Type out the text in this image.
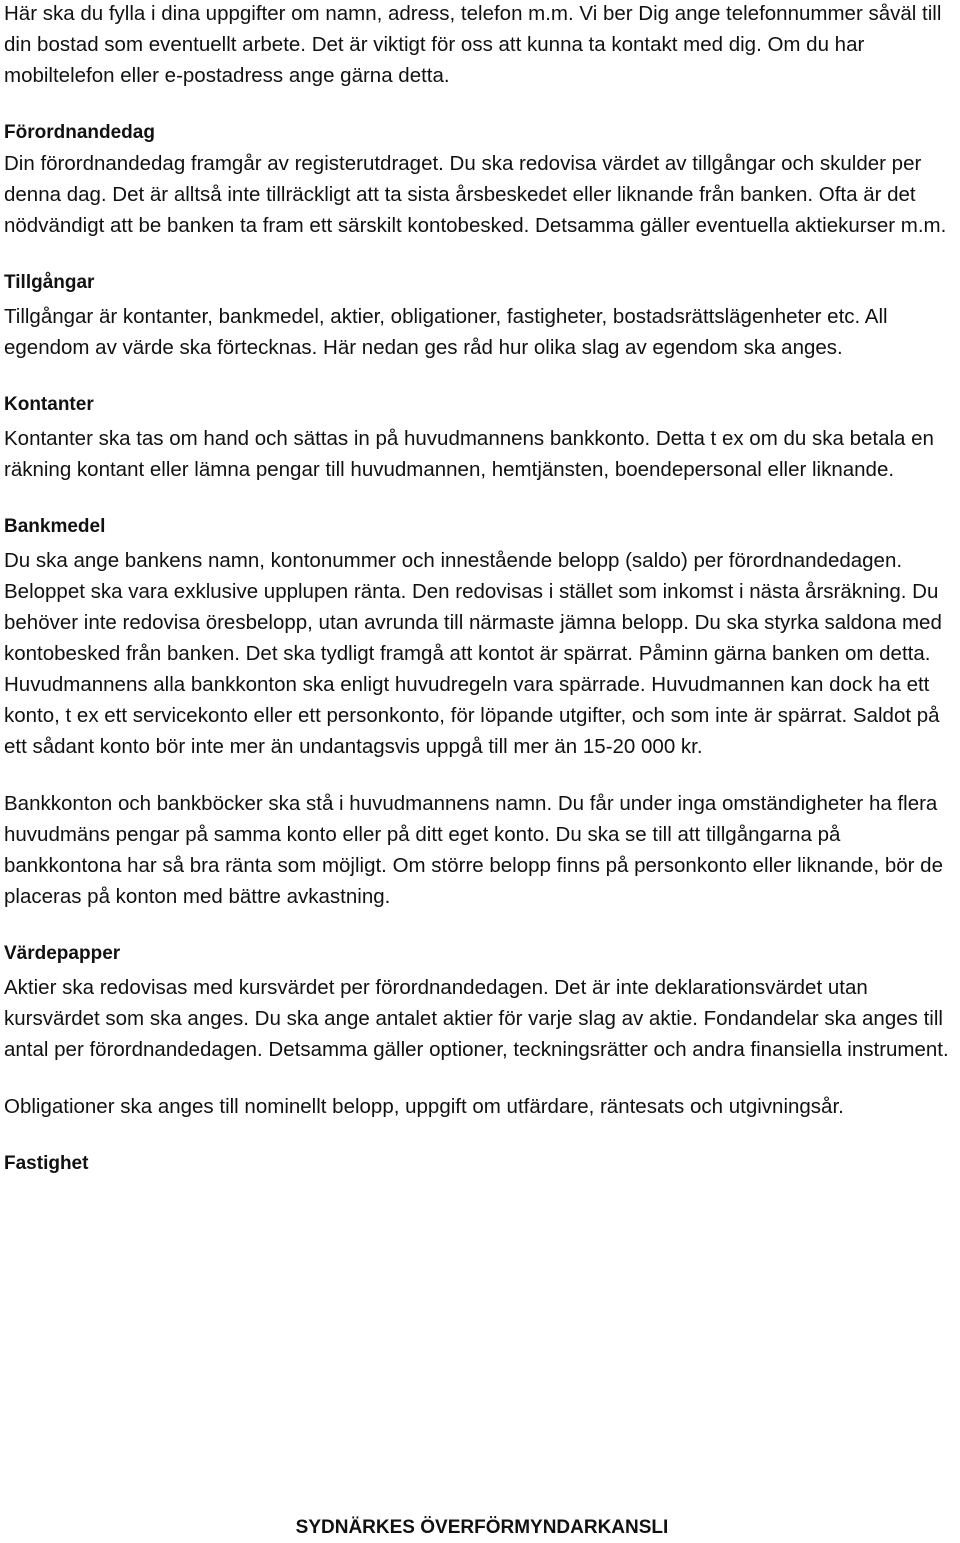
Här ska du fylla i dina uppgifter om namn, adress, telefon m.m. Vi ber Dig ange telefonnummer såväl till din bostad som eventuellt arbete. Det är viktigt för oss att kunna ta kontakt med dig. Om du har mobiltelefon eller e-postadress ange gärna detta.

Förordnandedag

Din förordnandedag framgår av registerutdraget. Du ska redovisa värdet av tillgångar och skulder per denna dag. Det är alltså inte tillräckligt att ta sista årsbeskedet eller liknande från banken. Ofta är det nödvändigt att be banken ta fram ett särskilt kontobesked. Detsamma gäller eventuella aktiekurser m.m.

Tillgångar

Tillgångar är kontanter, bankmedel, aktier, obligationer, fastigheter, bostadsrättslägenheter etc. All egendom av värde ska förtecknas. Här nedan ges råd hur olika slag av egendom ska anges.

Kontanter

Kontanter ska tas om hand och sättas in på huvudmannens bankkonto. Detta t ex om du ska betala en räkning kontant eller lämna pengar till huvudmannen, hemtjänsten, boendepersonal eller liknande.

Bankmedel

Du ska ange bankens namn, kontonummer och innestående belopp (saldo) per förordnandedagen. Beloppet ska vara exklusive upplupen ränta. Den redovisas i stället som inkomst i nästa årsräkning. Du behöver inte redovisa öresbelopp, utan avrunda till närmaste jämna belopp. Du ska styrka saldona med kontobesked från banken. Det ska tydligt framgå att kontot är spärrat. Påminn gärna banken om detta. Huvudmannens alla bankkonton ska enligt huvudregeln vara spärrade. Huvudmannen kan dock ha ett konto, t ex ett servicekonto eller ett personkonto, för löpande utgifter, och som inte är spärrat. Saldot på ett sådant konto bör inte mer än undantagsvis uppgå till mer än 15-20 000 kr.

Bankkonton och bankböcker ska stå i huvudmannens namn. Du får under inga omständigheter ha flera huvudmäns pengar på samma konto eller på ditt eget konto. Du ska se till att tillgångarna på bankkontona har så bra ränta som möjligt. Om större belopp finns på personkonto eller liknande, bör de placeras på konton med bättre avkastning.

Värdepapper

Aktier ska redovisas med kursvärdet per förordnandedagen. Det är inte deklarationsvärdet utan kursvärdet som ska anges. Du ska ange antalet aktier för varje slag av aktie. Fondandelar ska anges till antal per förordnandedagen. Detsamma gäller optioner, teckningsrätter och andra finansiella instrument.

Obligationer ska anges till nominellt belopp, uppgift om utfärdare, räntesats och utgivningsår.

Fastighet

SYDNÄRKES ÖVERFÖRMYNDARKANSLI
